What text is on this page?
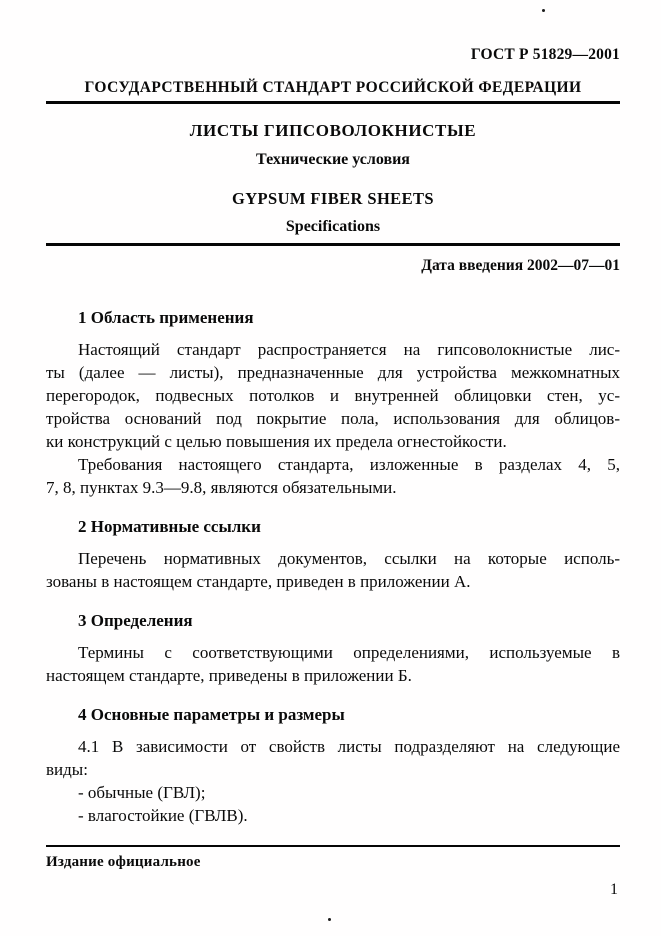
ГОСТ Р 51829—2001
ГОСУДАРСТВЕННЫЙ СТАНДАРТ РОССИЙСКОЙ ФЕДЕРАЦИИ
ЛИСТЫ ГИПСОВОЛОКНИСТЫЕ
Технические условия
GYPSUM FIBER SHEETS
Specifications
Дата введения 2002—07—01
1 Область применения
Настоящий стандарт распространяется на гипсоволокнистые лис-
ты (далее — листы), предназначенные для устройства межкомнатных
перегородок, подвесных потолков и внутренней облицовки стен, ус-
тройства оснований под покрытие пола, использования для облицов-
ки конструкций с целью повышения их предела огнестойкости.
Требования настоящего стандарта, изложенные в разделах 4, 5,
7, 8, пунктах 9.3—9.8, являются обязательными.
2 Нормативные ссылки
Перечень нормативных документов, ссылки на которые исполь-
зованы в настоящем стандарте, приведен в приложении А.
3 Определения
Термины с соответствующими определениями, используемые в
настоящем стандарте, приведены в приложении Б.
4 Основные параметры и размеры
4.1 В зависимости от свойств листы подразделяют на следующие
виды:
- обычные (ГВЛ);
- влагостойкие (ГВЛВ).
Издание официальное
1
